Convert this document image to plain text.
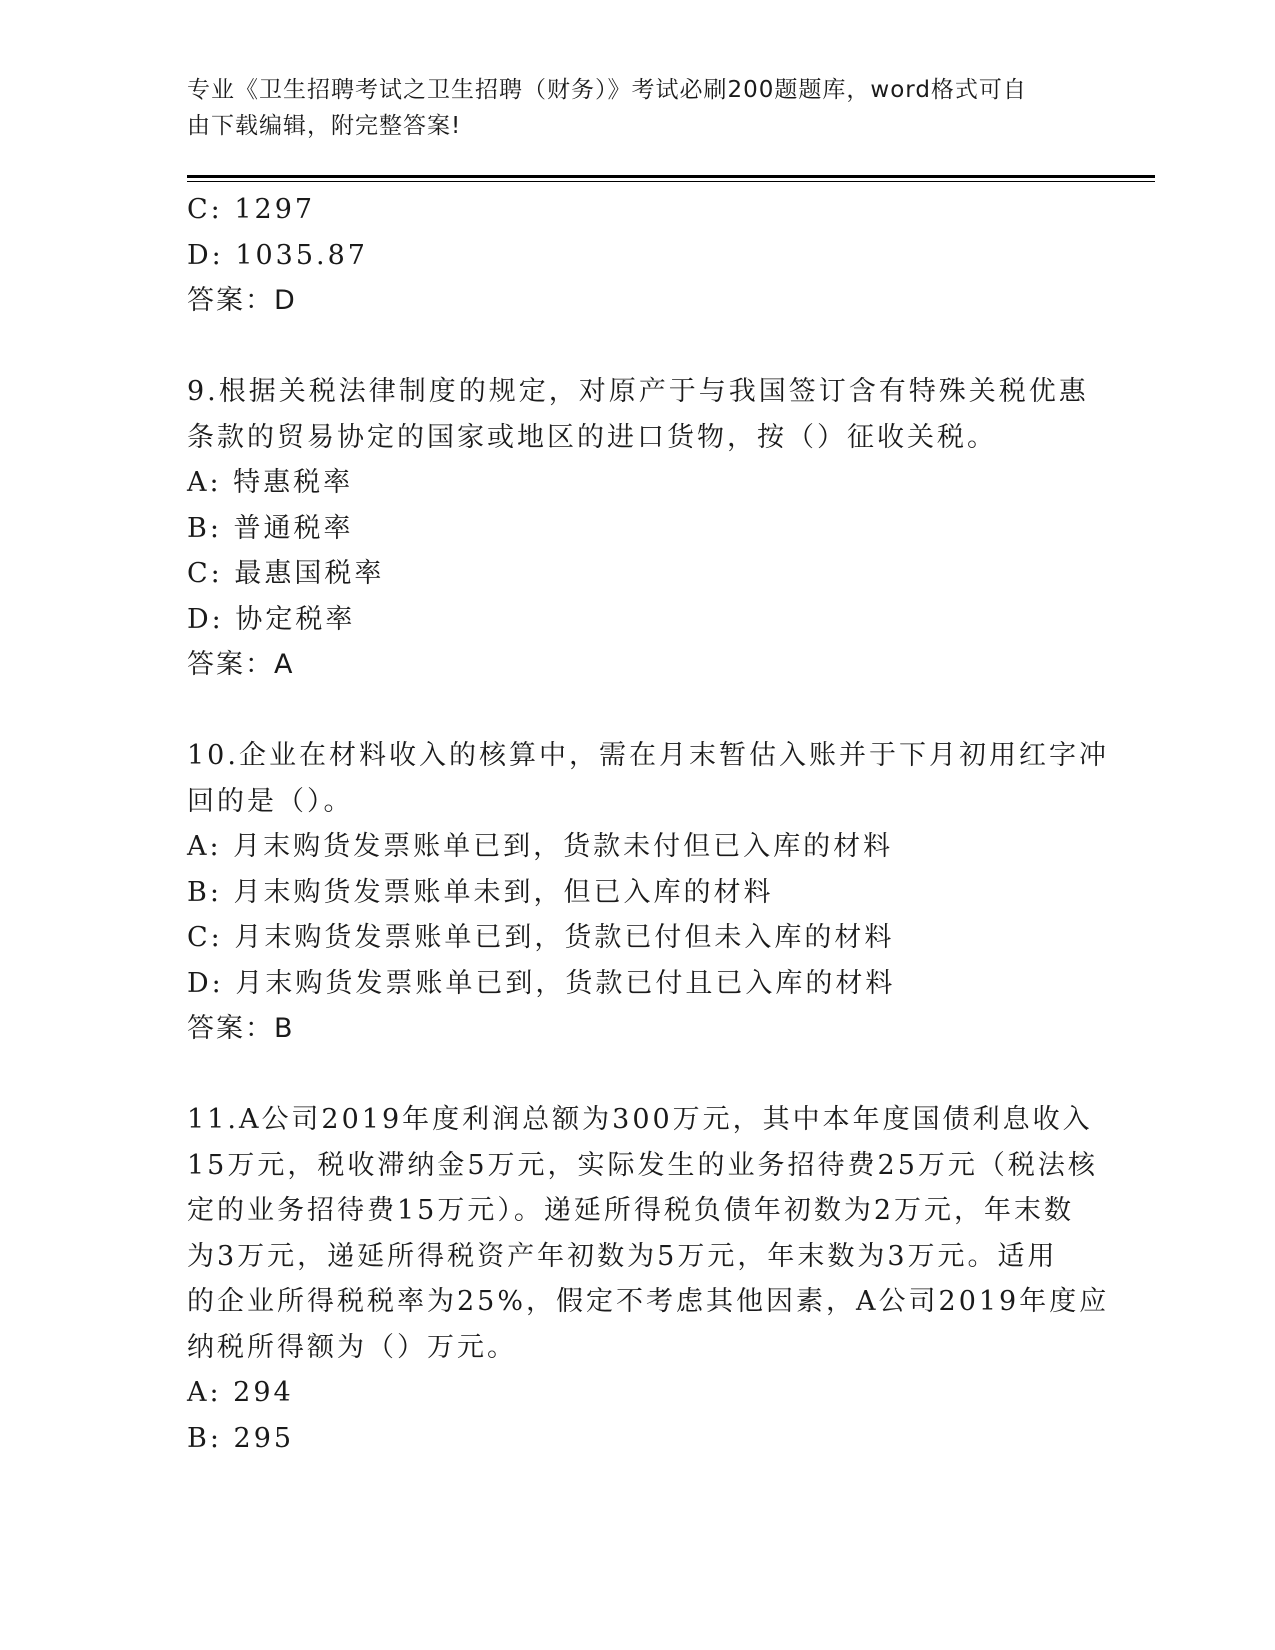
专业《卫生招聘考试之卫生招聘（财务）》考试必刷200题题库，word格式可自
由下载编辑，附完整答案!
C: 1297
D: 1035.87
答案：D
9.根据关税法律制度的规定，对原产于与我国签订含有特殊关税优惠
条款的贸易协定的国家或地区的进口货物，按（）征收关税。
A: 特惠税率
B: 普通税率
C: 最惠国税率
D: 协定税率
答案：A
10.企业在材料收入的核算中，需在月末暂估入账并于下月初用红字冲
回的是（）。
A: 月末购货发票账单已到，货款未付但已入库的材料
B: 月末购货发票账单未到，但已入库的材料
C: 月末购货发票账单已到，货款已付但未入库的材料
D: 月末购货发票账单已到，货款已付且已入库的材料
答案：B
11.A公司2019年度利润总额为300万元，其中本年度国债利息收入
15万元，税收滞纳金5万元，实际发生的业务招待费25万元（税法核
定的业务招待费15万元）。递延所得税负债年初数为2万元，年末数
为3万元，递延所得税资产年初数为5万元，年末数为3万元。适用
的企业所得税税率为25%，假定不考虑其他因素，A公司2019年度应
纳税所得额为（）万元。
A: 294
B: 295
